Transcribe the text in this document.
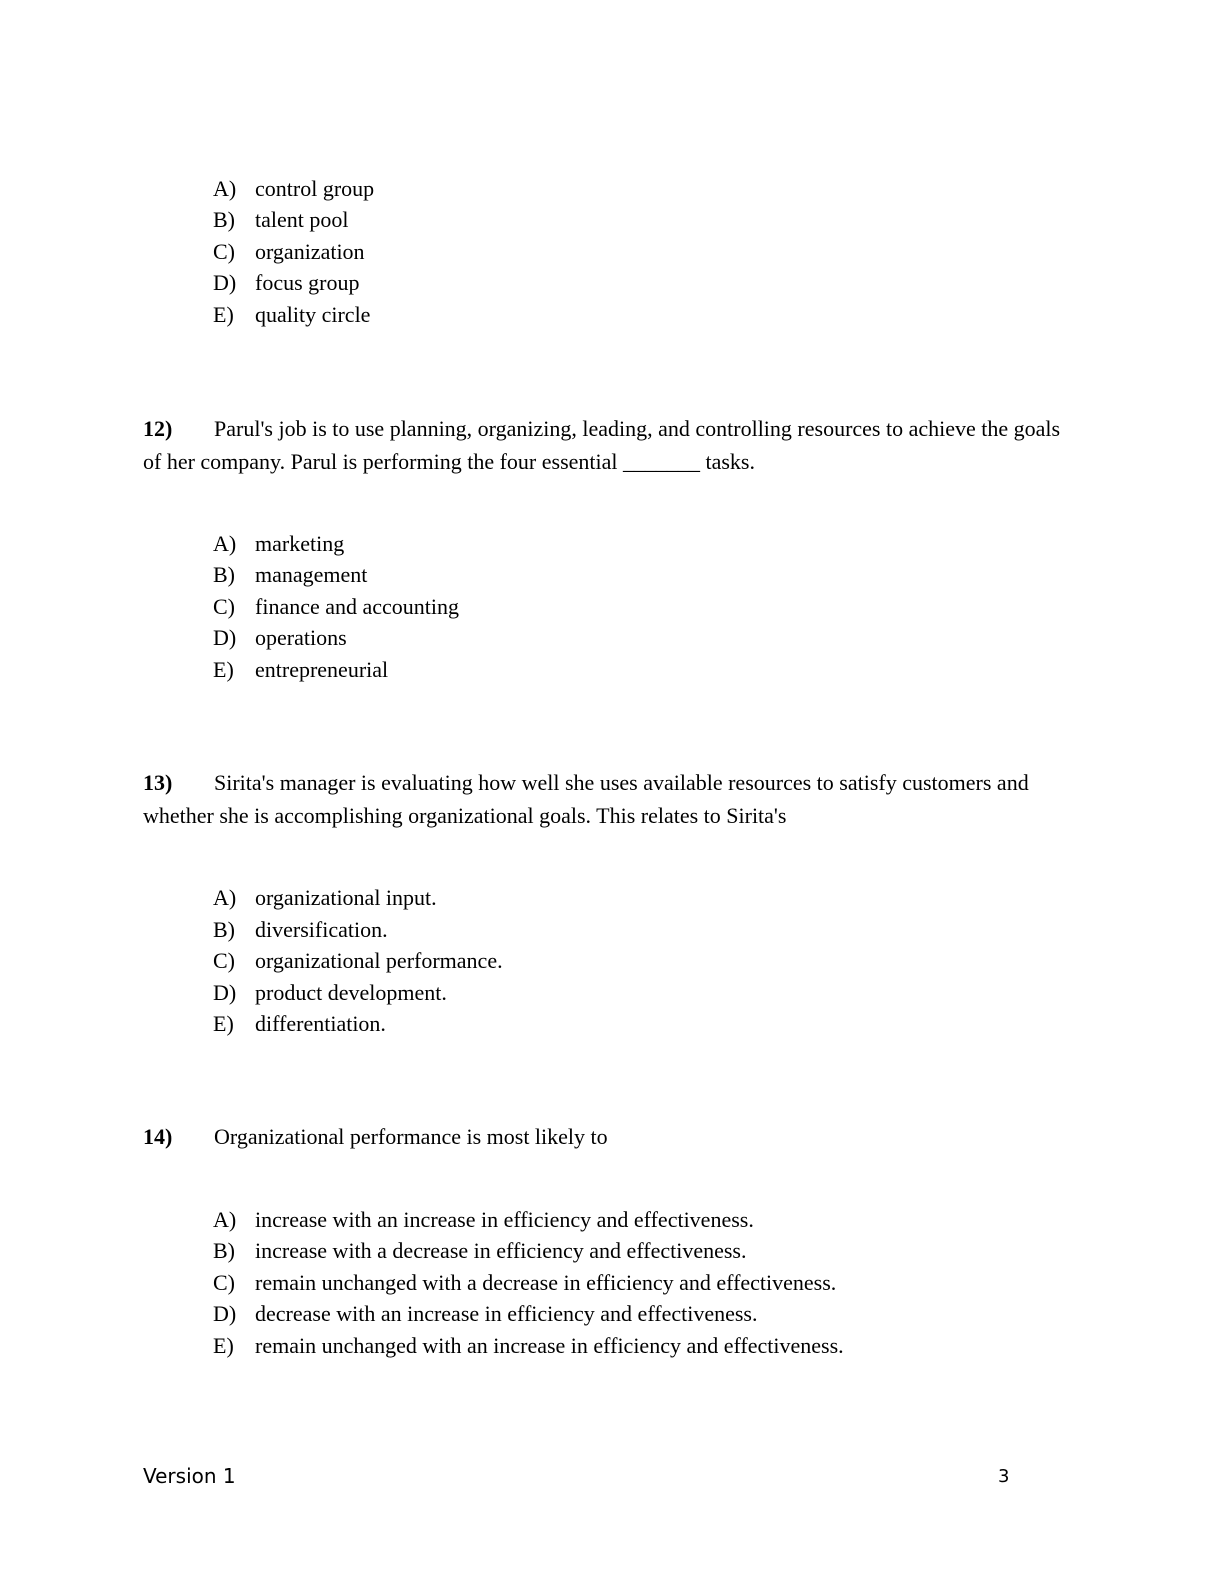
A) control group
B) talent pool
C) organization
D) focus group
E) quality circle
12)	Parul's job is to use planning, organizing, leading, and controlling resources to achieve the goals of her company. Parul is performing the four essential _______ tasks.

A) marketing
B) management
C) finance and accounting
D) operations
E) entrepreneurial
13)	Sirita's manager is evaluating how well she uses available resources to satisfy customers and whether she is accomplishing organizational goals. This relates to Sirita's

A) organizational input.
B) diversification.
C) organizational performance.
D) product development.
E) differentiation.
14)	Organizational performance is most likely to

A) increase with an increase in efficiency and effectiveness.
B) increase with a decrease in efficiency and effectiveness.
C) remain unchanged with a decrease in efficiency and effectiveness.
D) decrease with an increase in efficiency and effectiveness.
E) remain unchanged with an increase in efficiency and effectiveness.
Version 1	3
